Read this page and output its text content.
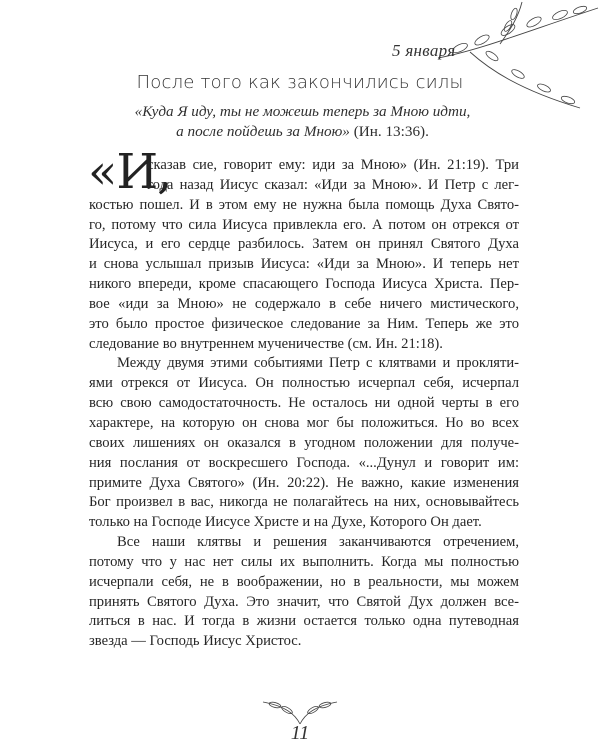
5 января
После того как закончились силы
«Куда Я иду, ты не можешь теперь за Мною идти,
а после пойдешь за Мною» (Ин. 13:36).
«И,
сказав сие, говорит ему: иди за Мною» (Ин. 21:19). Три
года назад Иисус сказал: «Иди за Мною». И Петр с лег-
костью пошел. И в этом ему не нужна была помощь Духа Свято-
го, потому что сила Иисуса привлекла его. А потом он отрекся от
Иисуса, и его сердце разбилось. Затем он принял Святого Духа
и снова услышал призыв Иисуса: «Иди за Мною». И теперь нет
никого впереди, кроме спасающего Господа Иисуса Христа. Пер-
вое «иди за Мною» не содержало в себе ничего мистического,
это было простое физическое следование за Ним. Теперь же это
следование во внутреннем мученичестве (см. Ин. 21:18).
Между двумя этими событиями Петр с клятвами и прокляти-
ями отрекся от Иисуса. Он полностью исчерпал себя, исчерпал
всю свою самодостаточность. Не осталось ни одной черты в его
характере, на которую он снова мог бы положиться. Но во всех
своих лишениях он оказался в угодном положении для получе-
ния послания от воскресшего Господа. «...Дунул и говорит им:
примите Духа Святого» (Ин. 20:22). Не важно, какие изменения
Бог произвел в вас, никогда не полагайтесь на них, основывайтесь
только на Господе Иисусе Христе и на Духе, Которого Он дает.
Все наши клятвы и решения заканчиваются отречением,
потому что у нас нет силы их выполнить. Когда мы полностью
исчерпали себя, не в воображении, но в реальности, мы можем
принять Святого Духа. Это значит, что Святой Дух должен все-
литься в нас. И тогда в жизни остается только одна путеводная
звезда — Господь Иисус Христос.
11
